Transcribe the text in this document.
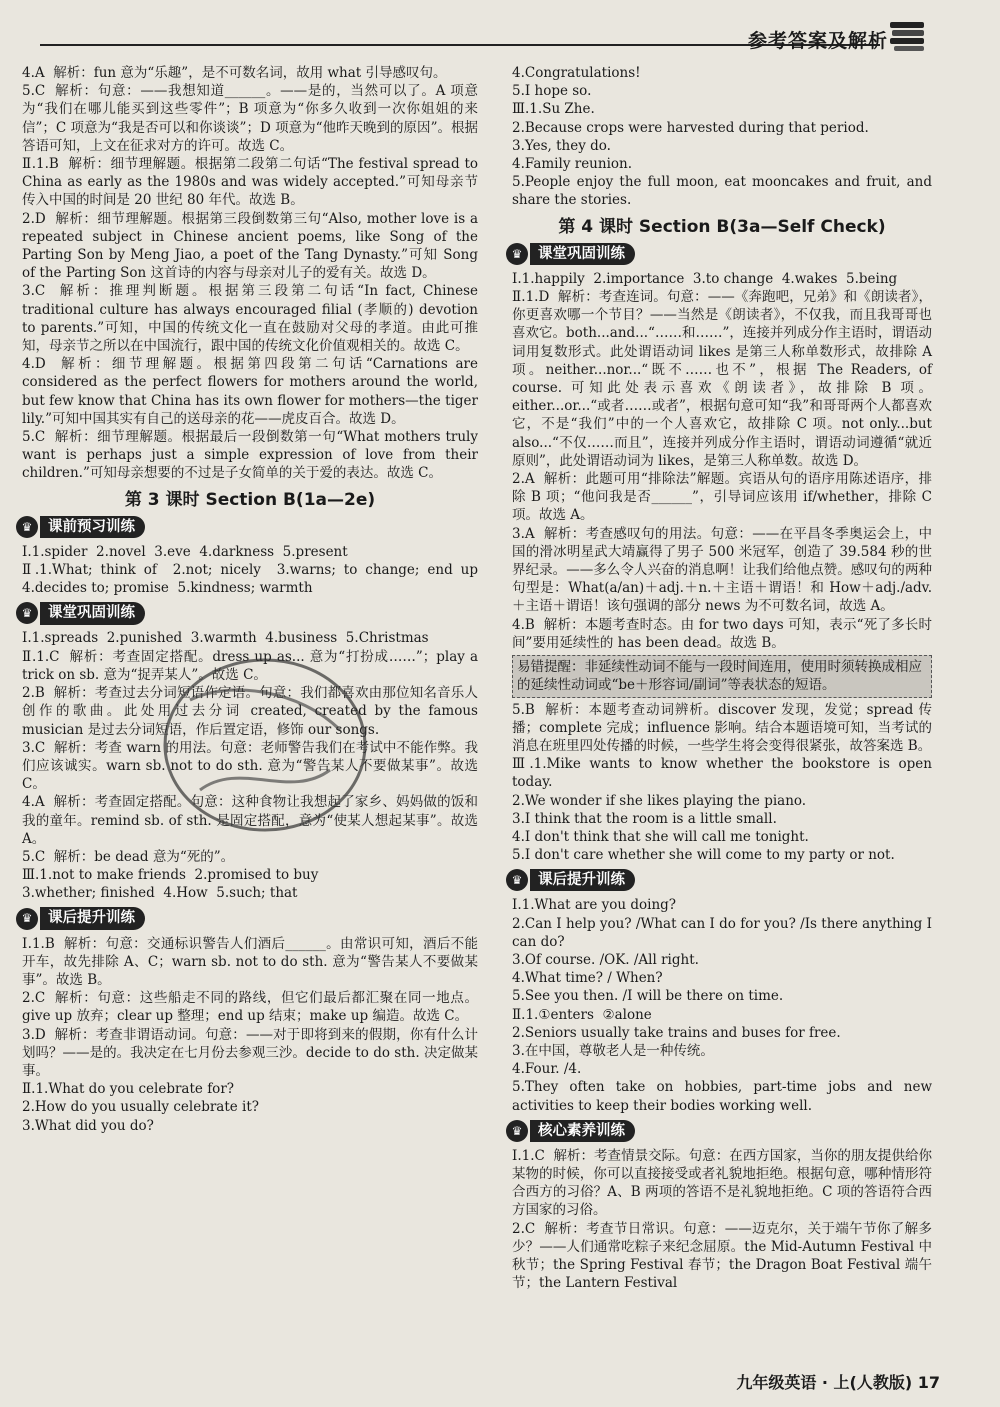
参考答案及解析
4.A  解析：fun 意为“乐趣”，是不可数名词，故用 what 引导感叹句。
5.C  解析：句意：——我想知道______。——是的，当然可以了。A 项意为“我们在哪儿能买到这些零件”；B 项意为“你多久收到一次你姐姐的来信”；C 项意为“我是否可以和你谈谈”；D 项意为“他昨天晚到的原因”。根据答语可知，上文在征求对方的许可。故选 C。
Ⅱ.1.B  解析：细节理解题。根据第二段第二句话“The festival spread to China as early as the 1980s and was widely accepted.”可知母亲节传入中国的时间是 20 世纪 80 年代。故选 B。
2.D  解析：细节理解题。根据第三段倒数第三句“Also, mother love is a repeated subject in Chinese ancient poems, like Song of the Parting Son by Meng Jiao, a poet of the Tang Dynasty.”可知 Song of the Parting Son 这首诗的内容与母亲对儿子的爱有关。故选 D。
3.C  解析：推理判断题。根据第三段第二句话“In fact, Chinese traditional culture has always encouraged filial (孝顺的) devotion to parents.”可知，中国的传统文化一直在鼓励对父母的孝道。由此可推知，母亲节之所以在中国流行，跟中国的传统文化价值观相关的。故选 C。
4.D  解析：细节理解题。根据第四段第二句话“Carnations are considered as the perfect flowers for mothers around the world, but few know that China has its own flower for mothers—the tiger lily.”可知中国其实有自己的送母亲的花——虎皮百合。故选 D。
5.C  解析：细节理解题。根据最后一段倒数第一句“What mothers truly want is perhaps just a simple expression of love from their children.”可知母亲想要的不过是子女简单的关于爱的表达。故选 C。
第 3 课时 Section B(1a—2e)
♛	课前预习训练
Ⅰ.1.spider  2.novel  3.eve  4.darkness  5.present
Ⅱ.1.What; think of  2.not; nicely  3.warns; to change; end up  4.decides to; promise  5.kindness; warmth
♛	课堂巩固训练
Ⅰ.1.spreads  2.punished  3.warmth  4.business  5.Christmas
Ⅱ.1.C  解析：考查固定搭配。dress up as... 意为“打扮成……”；play a trick on sb. 意为“捉弄某人”。故选 C。
2.B  解析：考查过去分词短语作定语。句意：我们都喜欢由那位知名音乐人创作的歌曲。此处用过去分词 created, created by the famous musician 是过去分词短语，作后置定语，修饰 our songs.
3.C  解析：考查 warn 的用法。句意：老师警告我们在考试中不能作弊。我们应该诚实。warn sb. not to do sth. 意为“警告某人不要做某事”。故选 C。
4.A  解析：考查固定搭配。句意：这种食物让我想起了家乡、妈妈做的饭和我的童年。remind sb. of sth. 是固定搭配，意为“使某人想起某事”。故选 A。
5.C  解析：be dead 意为“死的”。
Ⅲ.1.not to make friends  2.promised to buy
3.whether; finished  4.How  5.such; that
♛	课后提升训练
Ⅰ.1.B  解析：句意：交通标识警告人们酒后______。由常识可知，酒后不能开车，故先排除 A、C；warn sb. not to do sth. 意为“警告某人不要做某事”。故选 B。
2.C  解析：句意：这些船走不同的路线，但它们最后都汇聚在同一地点。give up 放弃；clear up 整理；end up 结束；make up 编造。故选 C。
3.D  解析：考查非谓语动词。句意：——对于即将到来的假期，你有什么计划吗？——是的。我决定在七月份去参观三沙。decide to do sth. 决定做某事。
Ⅱ.1.What do you celebrate for?
2.How do you usually celebrate it?
3.What did you do?
4.Congratulations!
5.I hope so.
Ⅲ.1.Su Zhe.
2.Because crops were harvested during that period.
3.Yes, they do.
4.Family reunion.
5.People enjoy the full moon, eat mooncakes and fruit, and share the stories.
第 4 课时 Section B(3a—Self Check)
♛	课堂巩固训练
Ⅰ.1.happily  2.importance  3.to change  4.wakes  5.being
Ⅱ.1.D  解析：考查连词。句意：——《奔跑吧，兄弟》和《朗读者》，你更喜欢哪一个节目？——当然是《朗读者》，不仅我，而且我哥哥也喜欢它。both...and...“……和……”，连接并列成分作主语时，谓语动词用复数形式。此处谓语动词 likes 是第三人称单数形式，故排除 A 项。neither...nor...“既不……也不”，根据 The Readers, of course. 可知此处表示喜欢《朗读者》，故排除 B 项。either...or...“或者……或者”，根据句意可知“我”和哥哥两个人都喜欢它，不是“我们”中的一个人喜欢它，故排除 C 项。not only...but also...“不仅……而且”，连接并列成分作主语时，谓语动词遵循“就近原则”，此处谓语动词为 likes，是第三人称单数。故选 D。
2.A  解析：此题可用“排除法”解题。宾语从句的语序用陈述语序，排除 B 项；“他问我是否______”，引导词应该用 if/whether，排除 C 项。故选 A。
3.A  解析：考查感叹句的用法。句意：——在平昌冬季奥运会上，中国的滑冰明星武大靖赢得了男子 500 米冠军，创造了 39.584 秒的世界纪录。——多么令人兴奋的消息啊！让我们给他点赞。感叹句的两种句型是：What(a/an)＋adj.＋n.＋主语＋谓语！和 How＋adj./adv.＋主语＋谓语！该句强调的部分 news 为不可数名词，故选 A。
4.B  解析：本题考查时态。由 for two days 可知，表示“死了多长时间”要用延续性的 has been dead。故选 B。
易错提醒：非延续性动词不能与一段时间连用，使用时须转换成相应的延续性动词或“be＋形容词/副词”等表状态的短语。
5.B  解析：本题考查动词辨析。discover 发现，发觉；spread 传播；complete 完成；influence 影响。结合本题语境可知，当考试的消息在班里四处传播的时候，一些学生将会变得很紧张，故答案选 B。
Ⅲ.1.Mike wants to know whether the bookstore is open today.
2.We wonder if she likes playing the piano.
3.I think that the room is a little small.
4.I don't think that she will call me tonight.
5.I don't care whether she will come to my party or not.
♛	课后提升训练
Ⅰ.1.What are you doing?
2.Can I help you? /What can I do for you? /Is there anything I can do?
3.Of course. /OK. /All right.
4.What time? / When?
5.See you then. /I will be there on time.
Ⅱ.1.①enters  ②alone
2.Seniors usually take trains and buses for free.
3.在中国，尊敬老人是一种传统。
4.Four. /4.
5.They often take on hobbies, part-time jobs and new activities to keep their bodies working well.
♛	核心素养训练
Ⅰ.1.C  解析：考查情景交际。句意：在西方国家，当你的朋友提供给你某物的时候，你可以直接接受或者礼貌地拒绝。根据句意，哪种情形符合西方的习俗？A、B 两项的答语不是礼貌地拒绝。C 项的答语符合西方国家的习俗。
2.C  解析：考查节日常识。句意：——迈克尔，关于端午节你了解多少？——人们通常吃粽子来纪念屈原。the Mid-Autumn Festival 中秋节；the Spring Festival 春节；the Dragon Boat Festival 端午节；the Lantern Festival
九年级英语 · 上(人教版) 17
